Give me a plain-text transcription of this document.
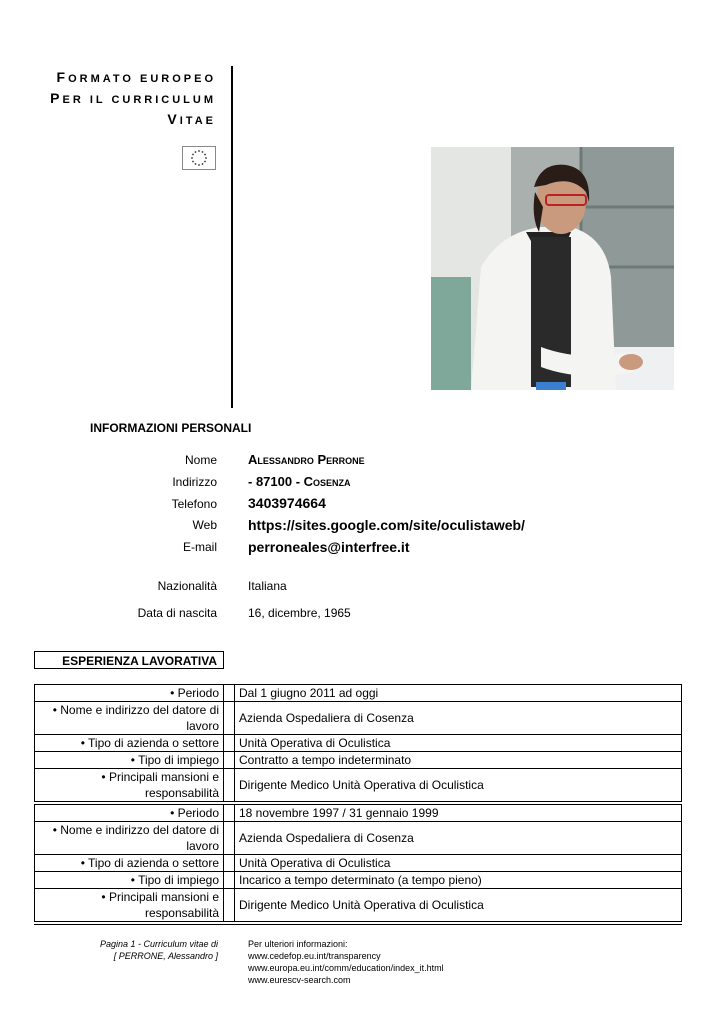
FORMATO EUROPEO
PER IL CURRICULUM
VITAE
INFORMAZIONI PERSONALI
Nome Alessandro Perrone
Indirizzo - 87100 - Cosenza
Telefono 3403974664
Web https://sites.google.com/site/oculistaweb/
E-mail perroneales@interfree.it
Nazionalità	Italiana
Data di nascita	16, dicembre, 1965
ESPERIENZA LAVORATIVA
• Periodo		Dal 1 giugno 2011 ad oggi
• Nome e indirizzo del datore di lavoro		Azienda Ospedaliera di Cosenza
• Tipo di azienda o settore		Unità Operativa di Oculistica
• Tipo di impiego		Contratto a tempo indeterminato
• Principali mansioni e responsabilità		Dirigente Medico Unità Operativa di Oculistica
• Periodo		18 novembre 1997 / 31 gennaio 1999
• Nome e indirizzo del datore di lavoro		Azienda Ospedaliera di Cosenza
• Tipo di azienda o settore		Unità Operativa di Oculistica
• Tipo di impiego		Incarico a tempo determinato (a tempo pieno)
• Principali mansioni e responsabilità		Dirigente Medico Unità Operativa di Oculistica
Pagina 1 - Curriculum vitae di
[ PERRONE, Alessandro ]
Per ulteriori informazioni:
www.cedefop.eu.int/transparency
www.europa.eu.int/comm/education/index_it.html
www.eurescv-search.com
